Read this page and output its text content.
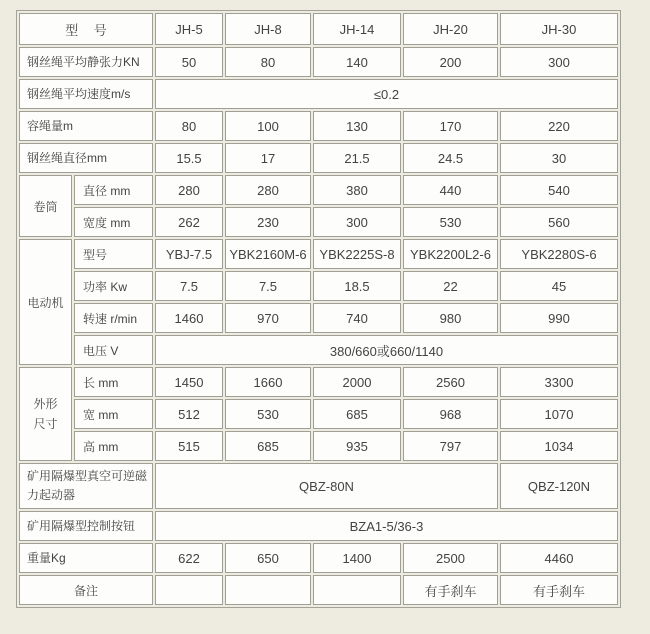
型 号		JH-5	JH-8	JH-14	JH-20	JH-30
钢丝绳平均静张力KN		50	80	140	200	300
钢丝绳平均速度m/s		≤0.2				
容绳量m		80	100	130	170	220
钢丝绳直径mm		15.5	17	21.5	24.5	30
卷筒	直径 mm	280	280	380	440	540
	宽度 mm	262	230	300	530	560
电动机	型号	YBJ-7.5	YBK2160M-6	YBK2225S-8	YBK2200L2-6	YBK2280S-6
	功率 Kw	7.5	7.5	18.5	22	45
	转速 r/min	1460	970	740	980	990
	电压 V	380/660或660/1140				
外形尺寸	长 mm	1450	1660	2000	2560	3300
	宽 mm	512	530	685	968	1070
	高 mm	515	685	935	797	1034
矿用隔爆型真空可逆磁力起动器		QBZ-80N				QBZ-120N
矿用隔爆型控制按钮		BZA1-5/36-3				
重量Kg		622	650	1400	2500	4460
备注					有手刹车	有手刹车
